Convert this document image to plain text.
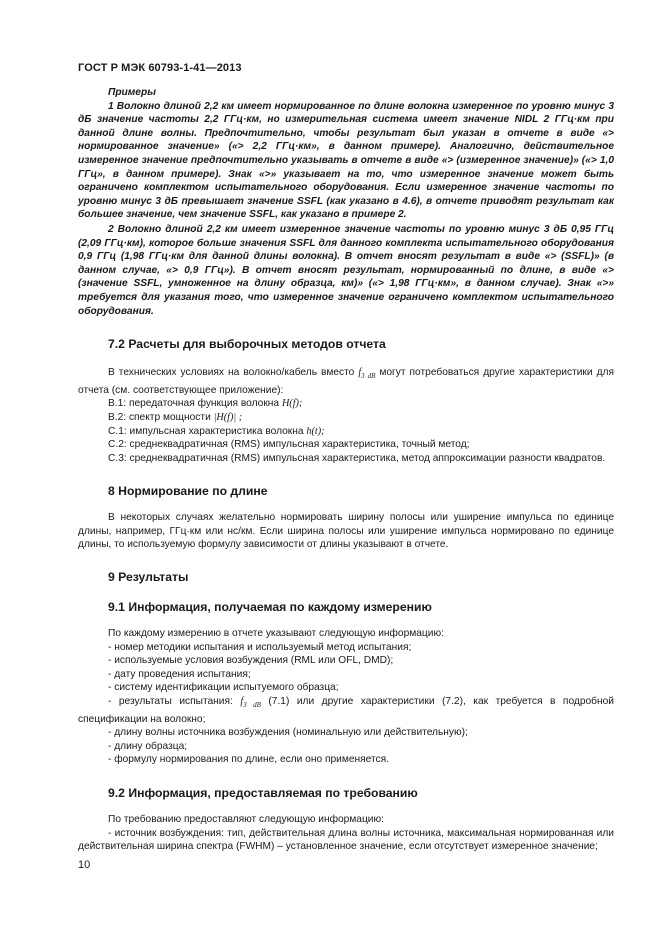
ГОСТ Р МЭК 60793-1-41—2013

Примеры

1 Волокно длиной 2,2 км имеет нормированное по длине волокна измеренное по уровню минус 3 дБ значение частоты 2,2 ГГц·км, но измерительная система имеет значение NIDL 2 ГГц·км при данной длине волны. Предпочтительно, чтобы результат был указан в отчете в виде «> нормированное значение» («> 2,2 ГГц·км», в данном примере). Аналогично, действительное измеренное значение предпочтительно указывать в отчете в виде «> (измеренное значение)» («> 1,0 ГГц», в данном примере). Знак «>» указывает на то, что измеренное значение может быть ограничено комплектом испытательного оборудования. Если измеренное значение частоты по уровню минус 3 дБ превышает значение SSFL (как указано в 4.6), в отчете приводят результат как большее значение, чем значение SSFL, как указано в примере 2.

2 Волокно длиной 2,2 км имеет измеренное значение частоты по уровню минус 3 дБ 0,95 ГГц (2,09 ГГц·км), которое больше значения SSFL для данного комплекта испытательного оборудования 0,9 ГГц (1,98 ГГц·км для данной длины волокна). В отчет вносят результат в виде «> (SSFL)» (в данном случае, «> 0,9 ГГц»). В отчет вносят результат, нормированный по длине, в виде «> (значение SSFL, умноженное на длину образца, км)» («> 1,98 ГГц·км», в данном случае). Знак «>» требуется для указания того, что измеренное значение ограничено комплектом испытательного оборудования.

7.2 Расчеты для выборочных методов отчета

В технических условиях на волокно/кабель вместо $f_{3 dB}$ могут потребоваться другие характеристики для отчета (см. соответствующее приложение):

B.1: передаточная функция волокна H(f);

B.2: спектр мощности |H(f)| ;

C.1: импульсная характеристика волокна h(t);

C.2: среднеквадратичная (RMS) импульсная характеристика, точный метод;

C.3: среднеквадратичная (RMS) импульсная характеристика, метод аппроксимации разности квадратов.

8 Нормирование по длине

В некоторых случаях желательно нормировать ширину полосы или уширение импульса по единице длины, например, ГГц·км или нс/км. Если ширина полосы или уширение импульса нормировано по единице длины, то используемую формулу зависимости от длины указывают в отчете.

9 Результаты

9.1 Информация, получаемая по каждому измерению

По каждому измерению в отчете указывают следующую информацию:

- номер методики испытания и используемый метод испытания;

- используемые условия возбуждения (RML или OFL, DMD);

- дату проведения испытания;

- систему идентификации испытуемого образца;

- результаты испытания: $f_{3 dB}$ (7.1) или другие характеристики (7.2), как требуется в подробной спецификации на волокно;

- длину волны источника возбуждения (номинальную или действительную);

- длину образца;

- формулу нормирования по длине, если оно применяется.

9.2 Информация, предоставляемая по требованию

По требованию предоставляют следующую информацию:

- источник возбуждения: тип, действительная длина волны источника, максимальная нормированная или действительная ширина спектра (FWHM) – установленное значение, если отсутствует измеренное значение;

10
